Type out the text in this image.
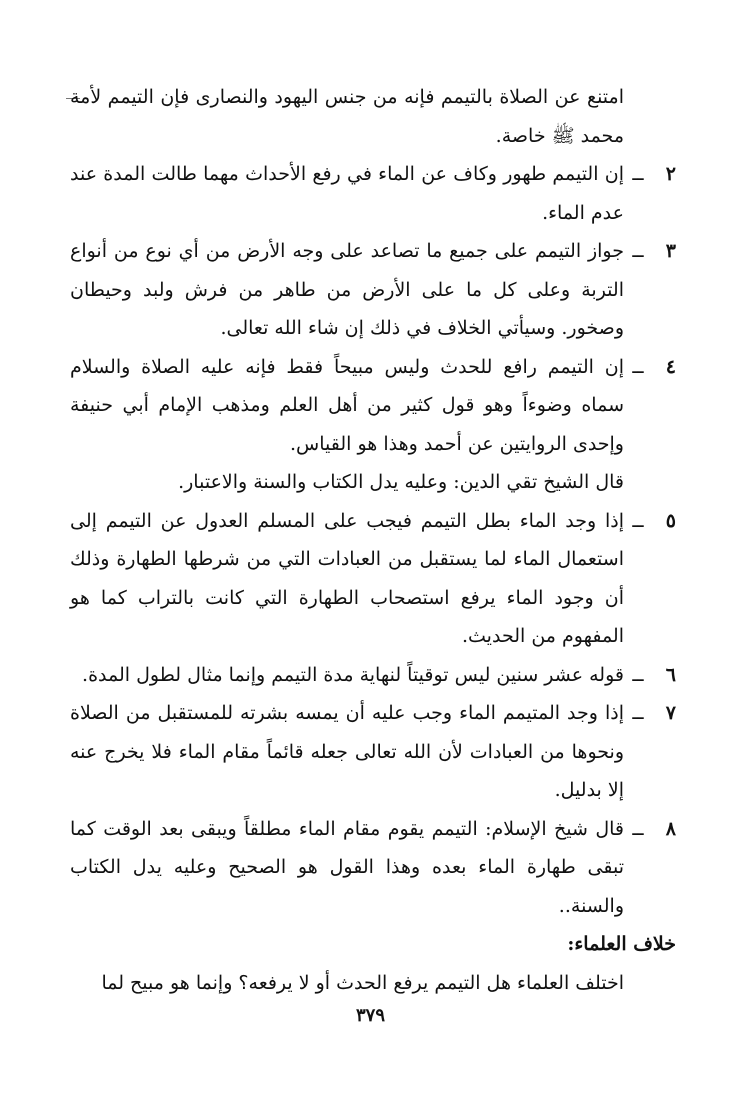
امتنع عن الصلاة بالتيمم فإنه من جنس اليهود والنصارى فإن التيمم لأمة محمد ﷺ خاصة.

٢
ــ
إن التيمم طهور وكاف عن الماء في رفع الأحداث مهما طالت المدة عند عدم الماء.
٣
ــ
جواز التيمم على جميع ما تصاعد على وجه الأرض من أي نوع من أنواع التربة وعلى كل ما على الأرض من طاهر من فرش ولبد وحيطان وصخور. وسيأتي الخلاف في ذلك إن شاء الله تعالى.
٤
ــ
إن التيمم رافع للحدث وليس مبيحاً فقط فإنه عليه الصلاة والسلام سماه وضوءاً وهو قول كثير من أهل العلم ومذهب الإمام أبي حنيفة وإحدى الروايتين عن أحمد وهذا هو القياس.

قال الشيخ تقي الدين: وعليه يدل الكتاب والسنة والاعتبار.

٥
ــ
إذا وجد الماء بطل التيمم فيجب على المسلم العدول عن التيمم إلى استعمال الماء لما يستقبل من العبادات التي من شرطها الطهارة وذلك أن وجود الماء يرفع استصحاب الطهارة التي كانت بالتراب كما هو المفهوم من الحديث.
٦
ــ
قوله عشر سنين ليس توقيتاً لنهاية مدة التيمم وإنما مثال لطول المدة.
٧
ــ
إذا وجد المتيمم الماء وجب عليه أن يمسه بشرته للمستقبل من الصلاة ونحوها من العبادات لأن الله تعالى جعله قائماً مقام الماء فلا يخرج عنه إلا بدليل.
٨
ــ
قال شيخ الإسلام: التيمم يقوم مقام الماء مطلقاً ويبقى بعد الوقت كما تبقى طهارة الماء بعده وهذا القول هو الصحيح وعليه يدل الكتاب والسنة..

خلاف العلماء:

اختلف العلماء هل التيمم يرفع الحدث أو لا يرفعه؟ وإنما هو مبيح لما

٣٧٩
